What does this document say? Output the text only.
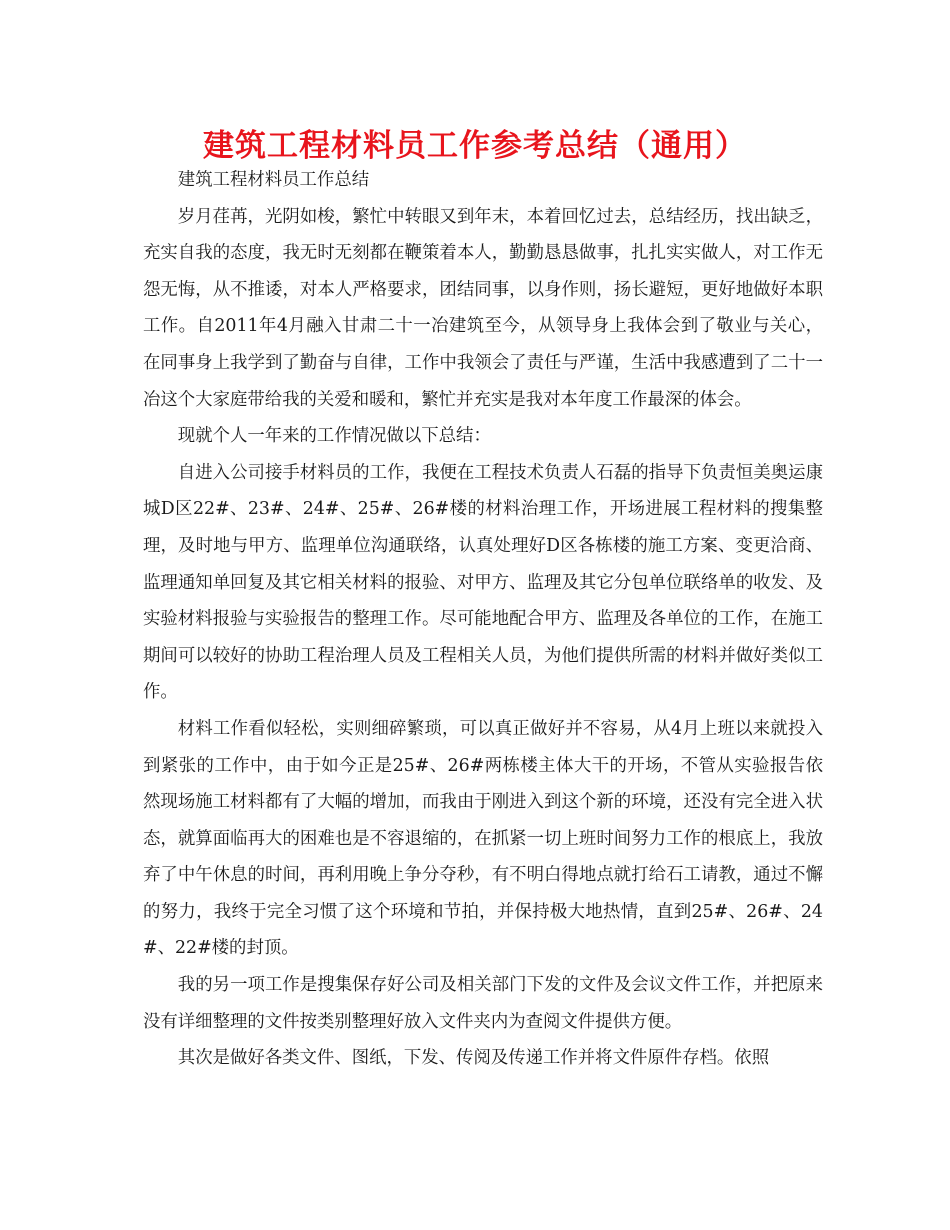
建筑工程材料员工作参考总结（通用）

建筑工程材料员工作总结

岁月荏苒，光阴如梭，繁忙中转眼又到年末，本着回忆过去，总结经历，找出缺乏，充实自我的态度，我无时无刻都在鞭策着本人，勤勤恳恳做事，扎扎实实做人，对工作无怨无悔，从不推诿，对本人严格要求，团结同事，以身作则，扬长避短，更好地做好本职工作。自2011年4月融入甘肃二十一冶建筑至今，从领导身上我体会到了敬业与关心，在同事身上我学到了勤奋与自律，工作中我领会了责任与严谨，生活中我感遭到了二十一冶这个大家庭带给我的关爱和暖和，繁忙并充实是我对本年度工作最深的体会。

现就个人一年来的工作情况做以下总结：

自进入公司接手材料员的工作，我便在工程技术负责人石磊的指导下负责恒美奥运康城D区22#、23#、24#、25#、26#楼的材料治理工作，开场进展工程材料的搜集整理，及时地与甲方、监理单位沟通联络，认真处理好D区各栋楼的施工方案、变更洽商、监理通知单回复及其它相关材料的报验、对甲方、监理及其它分包单位联络单的收发、及实验材料报验与实验报告的整理工作。尽可能地配合甲方、监理及各单位的工作，在施工期间可以较好的协助工程治理人员及工程相关人员，为他们提供所需的材料并做好类似工作。

材料工作看似轻松，实则细碎繁琐，可以真正做好并不容易，从4月上班以来就投入到紧张的工作中，由于如今正是25#、26#两栋楼主体大干的开场，不管从实验报告依然现场施工材料都有了大幅的增加，而我由于刚进入到这个新的环境，还没有完全进入状态，就算面临再大的困难也是不容退缩的，在抓紧一切上班时间努力工作的根底上，我放弃了中午休息的时间，再利用晚上争分夺秒，有不明白得地点就打给石工请教，通过不懈的努力，我终于完全习惯了这个环境和节拍，并保持极大地热情，直到25#、26#、24#、22#楼的封顶。

我的另一项工作是搜集保存好公司及相关部门下发的文件及会议文件工作，并把原来没有详细整理的文件按类别整理好放入文件夹内为查阅文件提供方便。

其次是做好各类文件、图纸，下发、传阅及传递工作并将文件原件存档。依照
